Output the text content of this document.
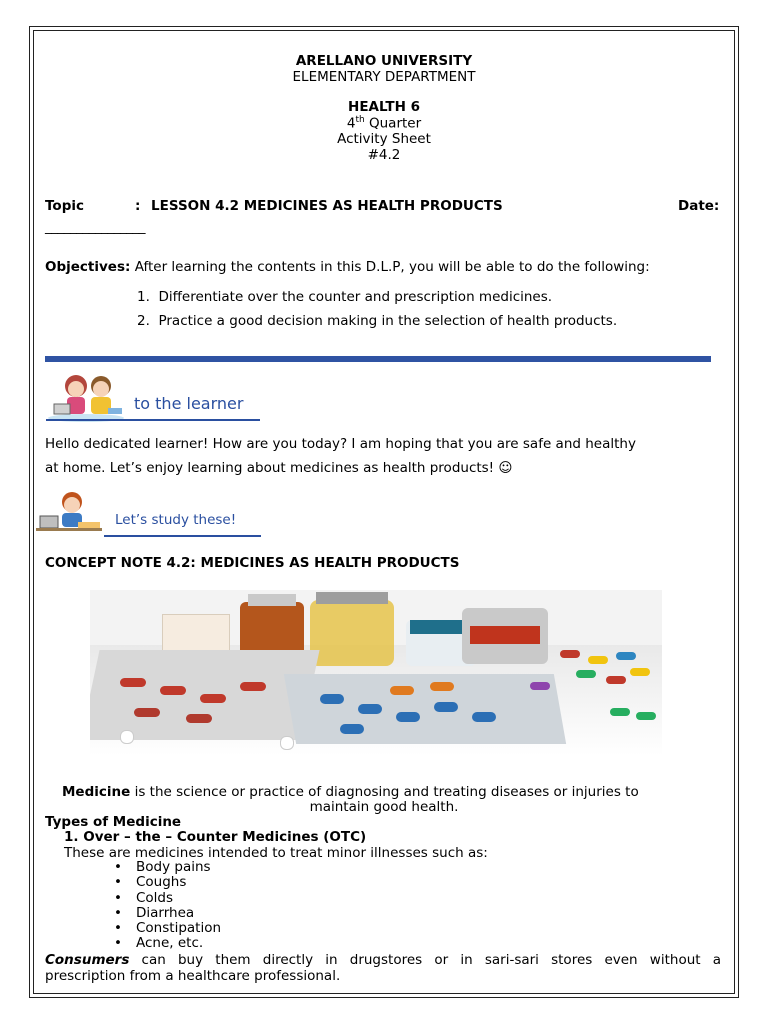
ARELLANO UNIVERSITY
ELEMENTARY DEPARTMENT
HEALTH 6
4th Quarter
Activity Sheet
#4.2
Topic	: LESSON 4.2 MEDICINES AS HEALTH PRODUCTS	Date:
________________
Objectives: After learning the contents in this D.L.P, you will be able to do the following:
1.  Differentiate over the counter and prescription medicines.
2.  Practice a good decision making in the selection of health products.
to the learner
Hello dedicated learner! How are you today? I am hoping that you are safe and healthy
at home. Let’s enjoy learning about medicines as health products! ☺
Let’s study these!
CONCEPT NOTE 4.2: MEDICINES AS HEALTH PRODUCTS
Medicine is the science or practice of diagnosing and treating diseases or injuries to
maintain good health.
Types of Medicine
1. Over – the – Counter Medicines (OTC)
These are medicines intended to treat minor illnesses such as:
• Body pains
• Coughs
• Colds
• Diarrhea
• Constipation
• Acne, etc.
Consumers can buy them directly in drugstores or in sari-sari stores even without a
prescription from a healthcare professional.
